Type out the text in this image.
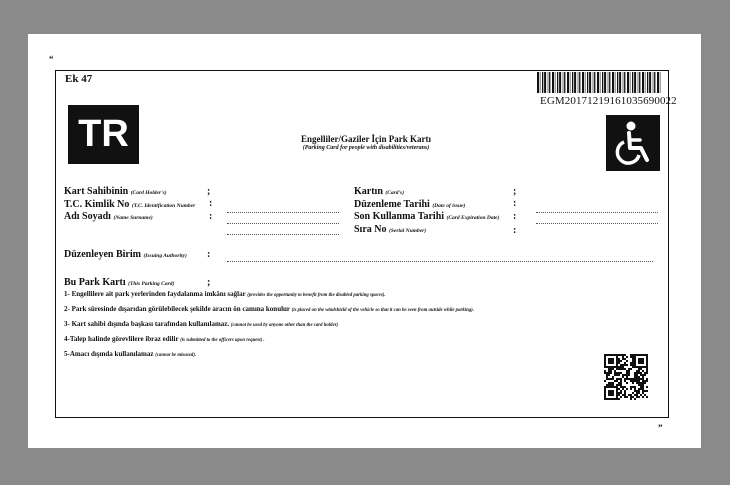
“
Ek 47
EGM20171219161035690022
TR	Engelliler/Gaziler İçin Park Kartı
(Parking Card for people with disabilities/veterans)
Kart Sahibinin (Card Holder's)	;
T.C. Kimlik No (T.C. Identification Number :
Adı Soyadı (Name Surname)	:
Kartın (Card's)	;
Düzenleme Tarihi (Date of issue)	:
Son Kullanma Tarihi (Card Expiration Date) :
Sıra No (Serial Number)	:
Düzenleyen Birim (Issuing Authority) :
Bu Park Kartı (This Parking Card)	;
1- Engellilere ait park yerlerinden faydalanma imkânı sağlar (provides the opportunity to benefit from the disabled parking spaces).
2- Park süresinde dışarıdan görülebilecek şekilde aracın ön camına konulur (is placed on the windshield of the vehicle so that it can be seen from outside while parking).
3- Kart sahibi dışında başkası tarafından kullanılamaz. (cannot be used by anyone other than the card holder)
4-Talep halinde görevlilere ibraz edilir (is submitted to the officers upon request) .
5-Amacı dışında kullanılamaz (cannot be misused).
”
